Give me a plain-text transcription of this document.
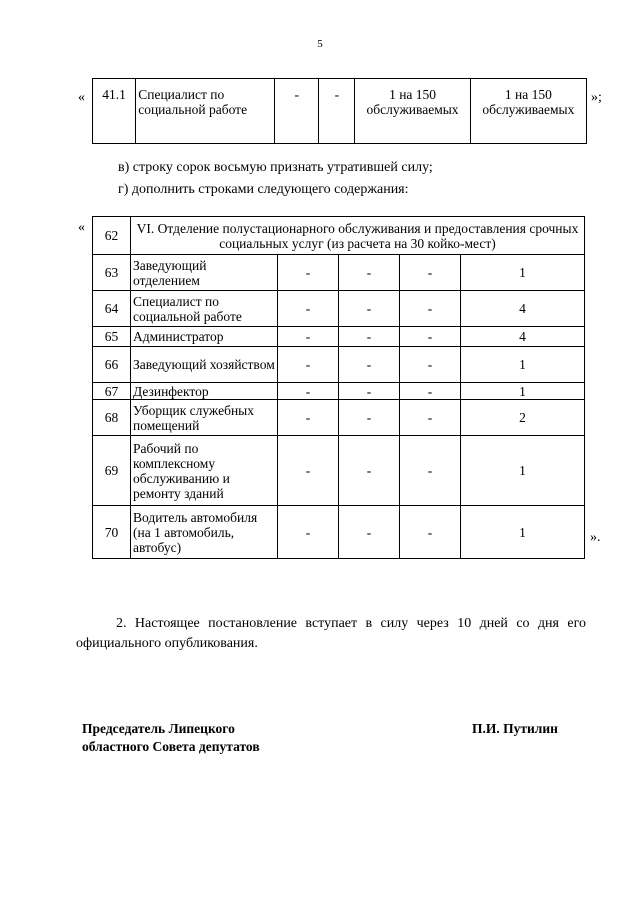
5
« 41.1	Специалист по социальной работе	-	-	1 на 150 обслуживаемых	1 на 150 обслуживаемых
»;
в) строку сорок восьмую признать утратившей силу;
г) дополнить строками следующего содержания:
«
62	VI. Отделение полустационарного обслуживания и предоставления срочных социальных услуг (из расчета на 30 койко-мест)				
63	Заведующий отделением	-	-	-	1
64	Специалист по социальной работе	-	-	-	4
65	Администратор	-	-	-	4
66	Заведующий хозяйством	-	-	-	1
67	Дезинфектор	-	-	-	1
68	Уборщик служебных помещений	-	-	-	2
69	Рабочий по комплексному обслуживанию и ремонту зданий	-	-	-	1
70	Водитель автомобиля (на 1 автомобиль, автобус)	-	-	-	1	».
2. Настоящее постановление вступает в силу через 10 дней со дня его официального опубликования.
Председатель Липецкого
областного Совета депутатов
П.И. Путилин
